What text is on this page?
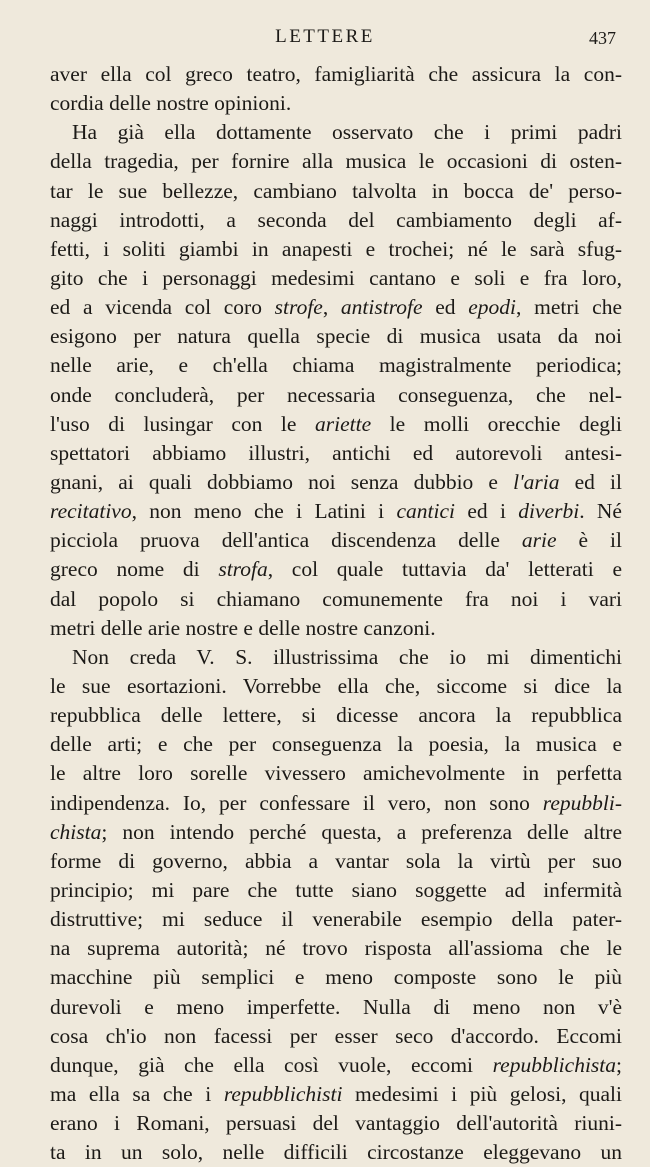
LETTERE	437
aver ella col greco teatro, famigliarità che assicura la con-
cordia delle nostre opinioni.
Ha già ella dottamente osservato che i primi padri
della tragedia, per fornire alla musica le occasioni di osten-
tar le sue bellezze, cambiano talvolta in bocca de' perso-
naggi introdotti, a seconda del cambiamento degli af-
fetti, i soliti giambi in anapesti e trochei; né le sarà sfug-
gito che i personaggi medesimi cantano e soli e fra loro,
ed a vicenda col coro strofe, antistrofe ed epodi, metri che
esigono per natura quella specie di musica usata da noi
nelle arie, e ch'ella chiama magistralmente periodica;
onde concluderà, per necessaria conseguenza, che nel-
l'uso di lusingar con le ariette le molli orecchie degli
spettatori abbiamo illustri, antichi ed autorevoli antesi-
gnani, ai quali dobbiamo noi senza dubbio e l'aria ed il
recitativo, non meno che i Latini i cantici ed i diverbi. Né
picciola pruova dell'antica discendenza delle arie è il
greco nome di strofa, col quale tuttavia da' letterati e
dal popolo si chiamano comunemente fra noi i vari
metri delle arie nostre e delle nostre canzoni.
Non creda V. S. illustrissima che io mi dimentichi
le sue esortazioni. Vorrebbe ella che, siccome si dice la
repubblica delle lettere, si dicesse ancora la repubblica
delle arti; e che per conseguenza la poesia, la musica e
le altre loro sorelle vivessero amichevolmente in perfetta
indipendenza. Io, per confessare il vero, non sono repubbli-
chista; non intendo perché questa, a preferenza delle altre
forme di governo, abbia a vantar sola la virtù per suo
principio; mi pare che tutte siano soggette ad infermità
distruttive; mi seduce il venerabile esempio della pater-
na suprema autorità; né trovo risposta all'assioma che le
macchine più semplici e meno composte sono le più
durevoli e meno imperfette. Nulla di meno non v'è
cosa ch'io non facessi per esser seco d'accordo. Eccomi
dunque, già che ella così vuole, eccomi repubblichista;
ma ella sa che i repubblichisti medesimi i più gelosi, quali
erano i Romani, persuasi del vantaggio dell'autorità riuni-
ta in un solo, nelle difficili circostanze eleggevano un
